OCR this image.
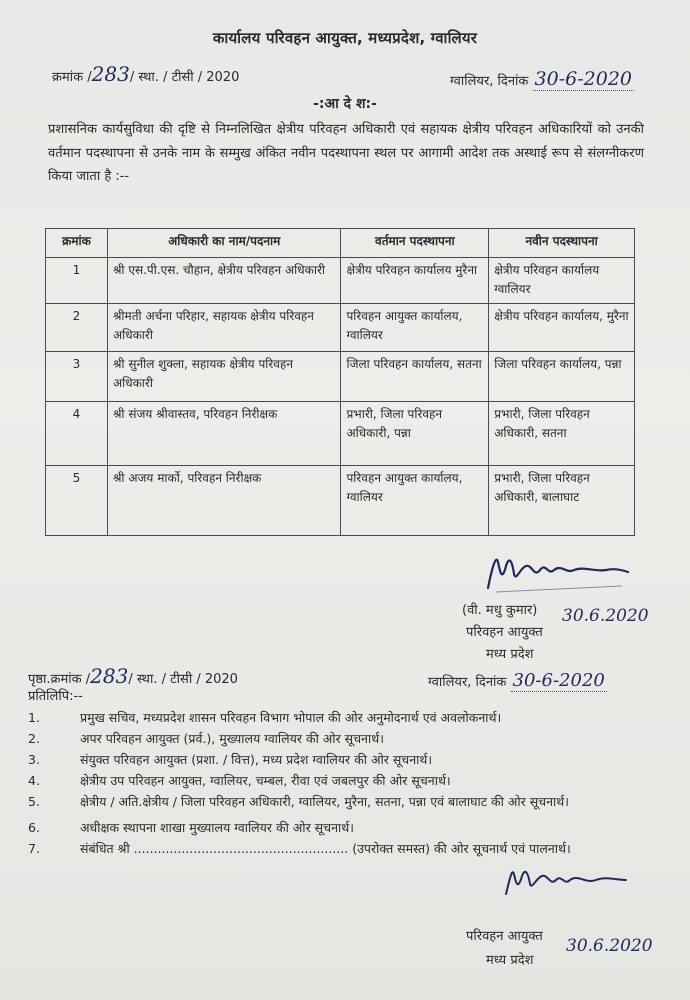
कार्यालय परिवहन आयुक्त, मध्यप्रदेश, ग्वालियर
क्रमांक /283/ स्था. / टीसी / 2020	ग्वालियर, दिनांक 30-6-2020
-:आ दे श:-
प्रशासनिक कार्यसुविधा की दृष्टि से निम्नलिखित क्षेत्रीय परिवहन अधिकारी एवं सहायक क्षेत्रीय परिवहन अधिकारियों को उनकी वर्तमान पदस्थापना से उनके नाम के सम्मुख अंकित नवीन पदस्थापना स्थल पर आगामी आदेश तक अस्थाई रूप से संलग्नीकरण किया जाता है :--
क्रमांक	अधिकारी का नाम/पदनाम	वर्तमान पदस्थापना	नवीन पदस्थापना
1	श्री एस.पी.एस. चौहान, क्षेत्रीय परिवहन अधिकारी	क्षेत्रीय परिवहन कार्यालय मुरैना	क्षेत्रीय परिवहन कार्यालय ग्वालियर
2	श्रीमती अर्चना परिहार, सहायक क्षेत्रीय परिवहन अधिकारी	परिवहन आयुक्त कार्यालय, ग्वालियर	क्षेत्रीय परिवहन कार्यालय, मुरैना
3	श्री सुनील शुक्ला, सहायक क्षेत्रीय परिवहन अधिकारी	जिला परिवहन कार्यालय, सतना	जिला परिवहन कार्यालय, पन्ना
4	श्री संजय श्रीवास्तव, परिवहन निरीक्षक	प्रभारी, जिला परिवहन अधिकारी, पन्ना	प्रभारी, जिला परिवहन अधिकारी, सतना
5	श्री अजय मार्को, परिवहन निरीक्षक	परिवहन आयुक्त कार्यालय, ग्वालियर	प्रभारी, जिला परिवहन अधिकारी, बालाघाट
(वी. मधु कुमार) 30.6.2020
परिवहन आयुक्त
मध्य प्रदेश
पृष्ठा.क्रमांक /283/ स्था. / टीसी / 2020	ग्वालियर, दिनांक 30-6-2020
प्रतिलिपि:--
1.	प्रमुख सचिव, मध्यप्रदेश शासन परिवहन विभाग भोपाल की ओर अनुमोदनार्थ एवं अवलोकनार्थ।
2.	अपर परिवहन आयुक्त (प्रर्व.), मुख्यालय ग्वालियर की ओर सूचनार्थ।
3.	संयुक्त परिवहन आयुक्त (प्रशा. / वित्त), मध्य प्रदेश ग्वालियर की ओर सूचनार्थ।
4.	क्षेत्रीय उप परिवहन आयुक्त, ग्वालियर, चम्बल, रीवा एवं जबलपुर की ओर सूचनार्थ।
5.	क्षेत्रीय / अति.क्षेत्रीय / जिला परिवहन अधिकारी, ग्वालियर, मुरैना, सतना, पन्ना एवं बालाघाट की ओर सूचनार्थ।
6.	अधीक्षक स्थापना शाखा मुख्यालय ग्वालियर की ओर सूचनार्थ।
7.	संबंधित श्री ...................................................... (उपरोक्त समस्त) की ओर सूचनार्थ एवं पालनार्थ।
परिवहन आयुक्त
मध्य प्रदेश
30.6.2020
